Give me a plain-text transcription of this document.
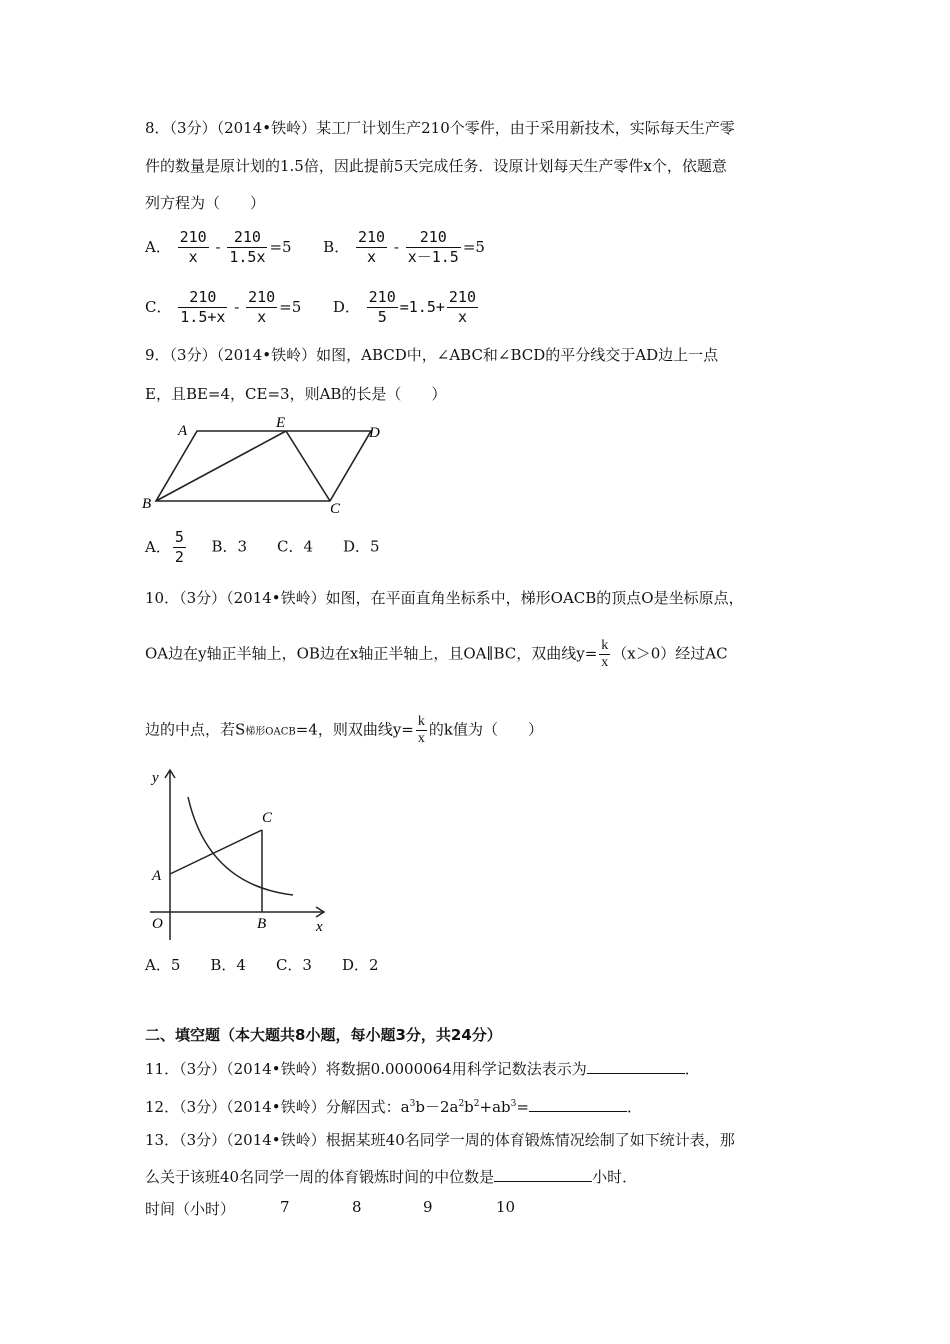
8．（3分）（2014•铁岭）某工厂计划生产210个零件，由于采用新技术，实际每天生产零
件的数量是原计划的1.5倍，因此提前5天完成任务．设原计划每天生产零件x个，依题意
列方程为（　　）
A． $\frac{210}{x} - \frac{210}{1.5x} =5$ B． $\frac{210}{x} - \frac{210}{x-1.5} =5$
C． $\frac{210}{1.5+x} - \frac{210}{x} =5$ D． $\frac{210}{5} =1.5+ \frac{210}{x}$
9．（3分）（2014•铁岭）如图，ABCD中，∠ABC和∠BCD的平分线交于AD边上一点
E，且BE=4，CE=3，则AB的长是（　　）
A	E
D
B	C
A． $\frac{5}{2}$ B．3　　C．4　　D．5
10．（3分）（2014•铁岭）如图，在平面直角坐标系中，梯形OACB的顶点O是坐标原点，
OA边在y轴正半轴上，OB边在x轴正半轴上，且OA∥BC，双曲线$y= \frac{k}{x} (x>0)$经过AC
边的中点，若S梯形OACB=4，则双曲线$y= \frac{k}{x}$ 的k值为（　　）
y
x
O
A
B
C
A．5　　B．4　　C．3　　D．2
二、填空题（本大题共8小题，每小题3分，共24分）
11．（3分）（2014•铁岭）将数据0.0000064用科学记数法表示为	．
12．（3分）（2014•铁岭）分解因式：$a^3b-2a^2b^2+ab^3=$	．
13．（3分）（2014•铁岭）根据某班40名同学一周的体育锻炼情况绘制了如下统计表，那
么关于该班40名同学一周的体育锻炼时间的中位数是	小时．
时间（小时）	7	8	9	10
